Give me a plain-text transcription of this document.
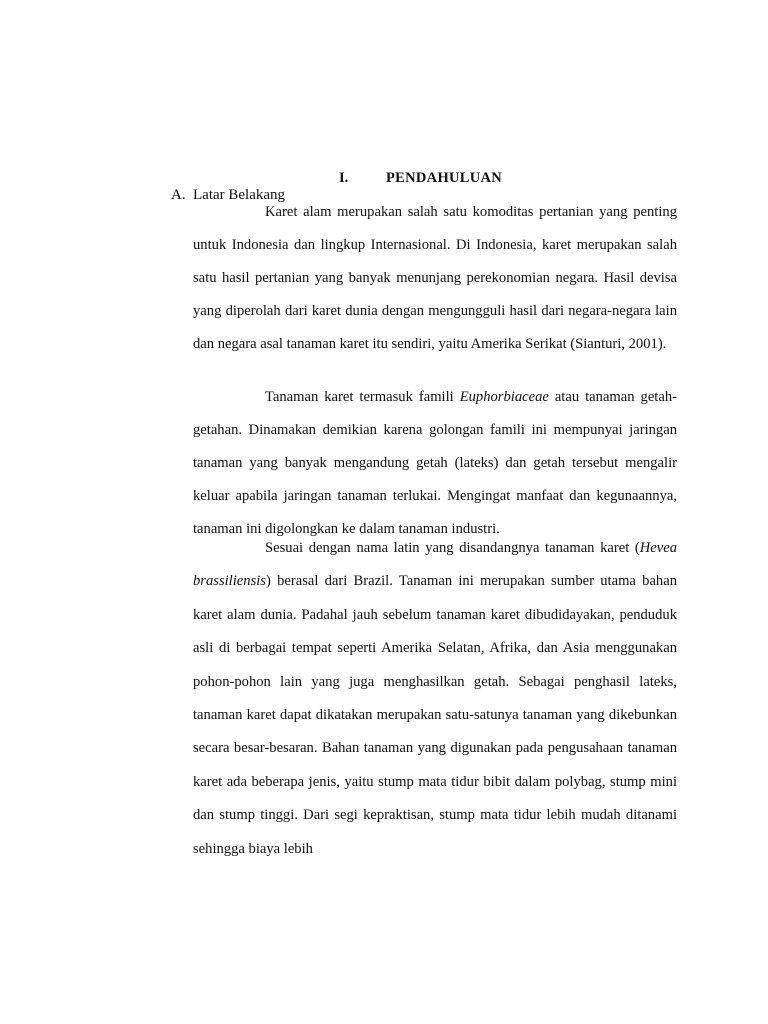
I.	PENDAHULUAN
A. Latar Belakang

Karet alam merupakan salah satu komoditas pertanian yang penting untuk Indonesia dan lingkup Internasional. Di Indonesia, karet merupakan salah satu hasil pertanian yang banyak menunjang perekonomian negara. Hasil devisa yang diperolah dari karet dunia dengan mengungguli hasil dari negara-negara lain dan negara asal tanaman karet itu sendiri, yaitu Amerika Serikat (Sianturi, 2001).

Tanaman karet termasuk famili Euphorbiaceae atau tanaman getah-getahan. Dinamakan demikian karena golongan famili ini mempunyai jaringan tanaman yang banyak mengandung getah (lateks) dan getah tersebut mengalir keluar apabila jaringan tanaman terlukai. Mengingat manfaat dan kegunaannya, tanaman ini digolongkan ke dalam tanaman industri.

Sesuai dengan nama latin yang disandangnya tanaman karet (Hevea brassiliensis) berasal dari Brazil. Tanaman ini merupakan sumber utama bahan karet alam dunia. Padahal jauh sebelum tanaman karet dibudidayakan, penduduk asli di berbagai tempat seperti Amerika Selatan, Afrika, dan Asia menggunakan pohon-pohon lain yang juga menghasilkan getah. Sebagai penghasil lateks, tanaman karet dapat dikatakan merupakan satu-satunya tanaman yang dikebunkan secara besar-besaran. Bahan tanaman yang digunakan pada pengusahaan tanaman karet ada beberapa jenis, yaitu stump mata tidur bibit dalam polybag, stump mini dan stump tinggi. Dari segi kepraktisan, stump mata tidur lebih mudah ditanami sehingga biaya lebih
